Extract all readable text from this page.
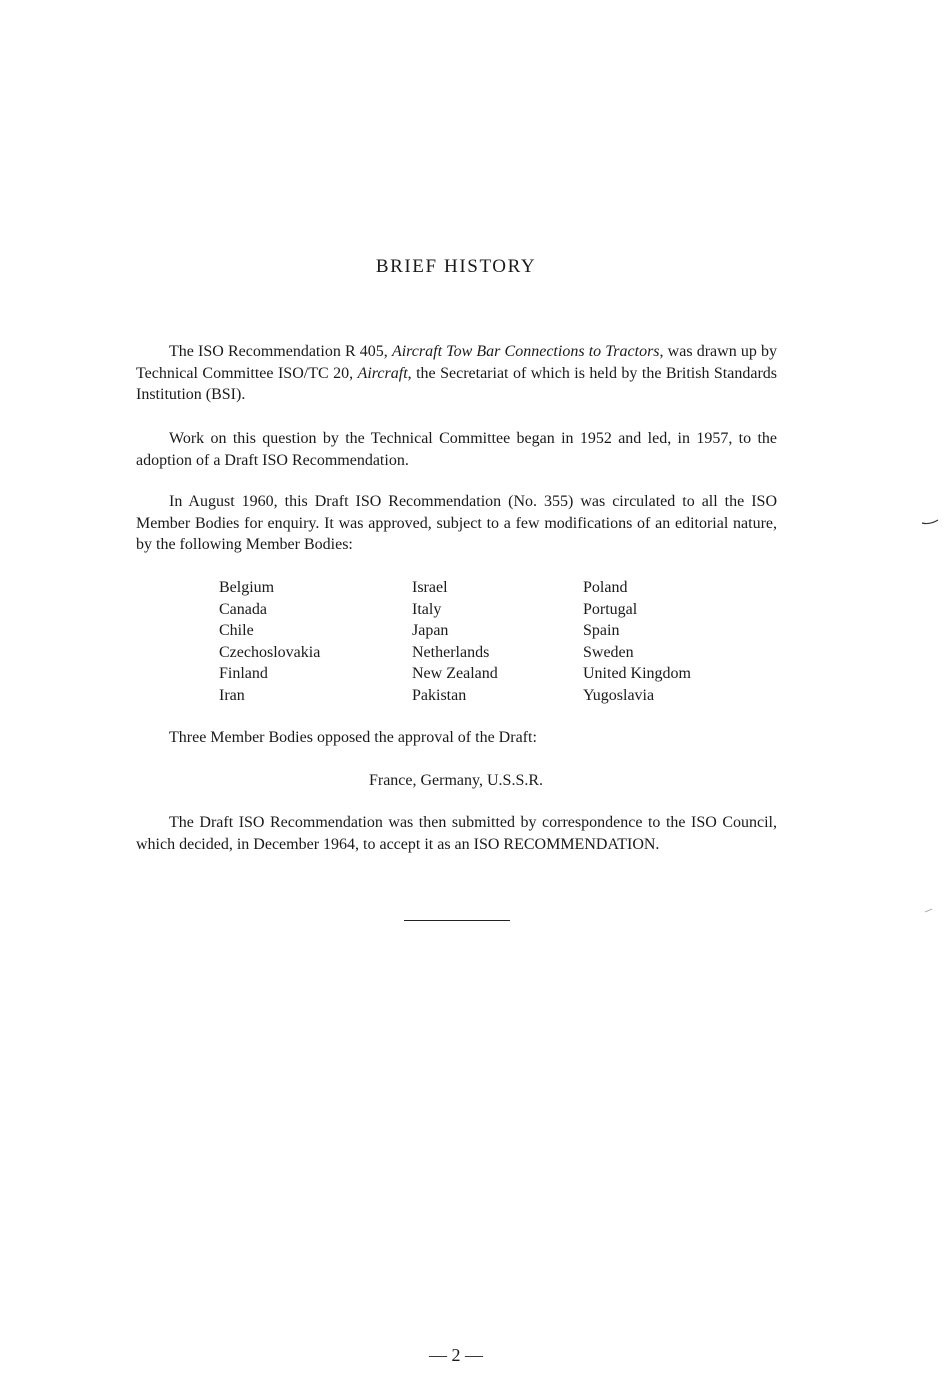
BRIEF HISTORY

The ISO Recommendation R 405, Aircraft Tow Bar Connections to Tractors, was drawn up by Technical Committee ISO/TC 20, Aircraft, the Secretariat of which is held by the British Standards Institution (BSI).

Work on this question by the Technical Committee began in 1952 and led, in 1957, to the adoption of a Draft ISO Recommendation.

In August 1960, this Draft ISO Recommendation (No. 355) was circulated to all the ISO Member Bodies for enquiry. It was approved, subject to a few modifications of an editorial nature, by the following Member Bodies:

Belgium
Canada
Chile
Czechoslovakia
Finland
Iran
Israel
Italy
Japan
Netherlands
New Zealand
Pakistan
Poland
Portugal
Spain
Sweden
United Kingdom
Yugoslavia

Three Member Bodies opposed the approval of the Draft:

France, Germany, U.S.S.R.

The Draft ISO Recommendation was then submitted by correspondence to the ISO Council, which decided, in December 1964, to accept it as an ISO RECOMMENDATION.

— 2 —
